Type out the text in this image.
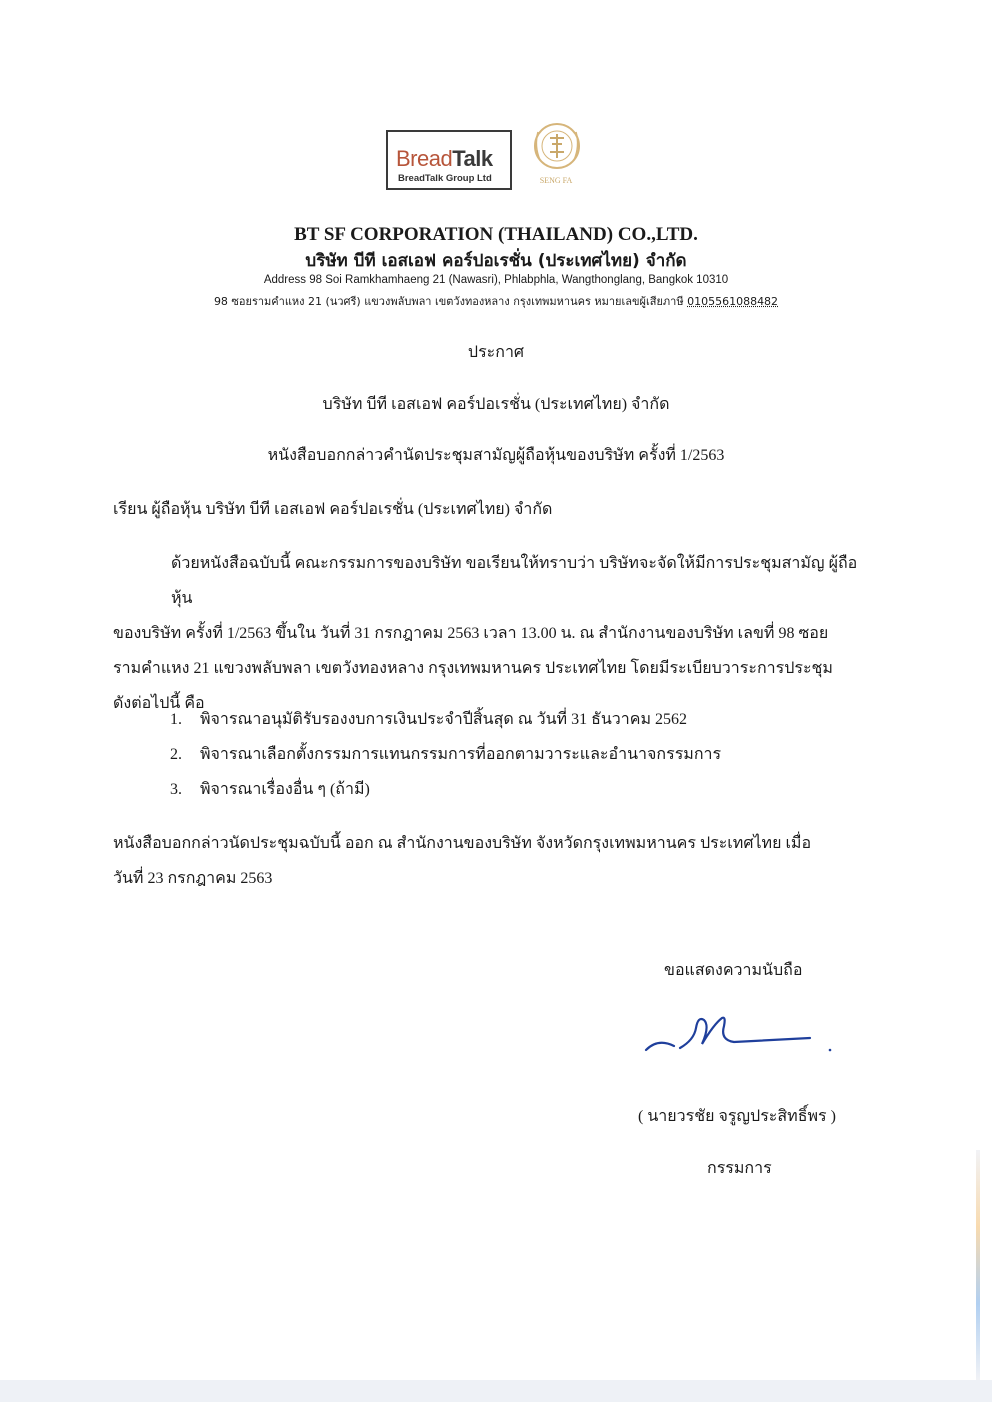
BreadTalk
BreadTalk Group Ltd	SENG FA
BT SF CORPORATION (THAILAND) CO.,LTD.
บริษัท บีที เอสเอฟ คอร์ปอเรชั่น (ประเทศไทย) จำกัด
Address 98 Soi Ramkhamhaeng 21 (Nawasri), Phlabphla, Wangthonglang, Bangkok 10310
98 ซอยรามคำแหง 21 (นวศรี) แขวงพลับพลา เขตวังทองหลาง กรุงเทพมหานคร หมายเลขผู้เสียภาษี 0105561088482
ประกาศ
บริษัท บีที เอสเอฟ คอร์ปอเรชั่น (ประเทศไทย) จำกัด
หนังสือบอกกล่าวคำนัดประชุมสามัญผู้ถือหุ้นของบริษัท ครั้งที่ 1/2563
เรียน ผู้ถือหุ้น บริษัท บีที เอสเอฟ คอร์ปอเรชั่น (ประเทศไทย) จำกัด
ด้วยหนังสือฉบับนี้ คณะกรรมการของบริษัท ขอเรียนให้ทราบว่า บริษัทจะจัดให้มีการประชุมสามัญ ผู้ถือหุ้น
ของบริษัท ครั้งที่ 1/2563 ขึ้นใน วันที่ 31 กรกฎาคม 2563 เวลา 13.00 น. ณ สำนักงานของบริษัท เลขที่ 98 ซอย
รามคำแหง 21 แขวงพลับพลา เขตวังทองหลาง กรุงเทพมหานคร ประเทศไทย โดยมีระเบียบวาระการประชุม
ดังต่อไปนี้ คือ
1. พิจารณาอนุมัติรับรองงบการเงินประจำปีสิ้นสุด ณ วันที่ 31 ธันวาคม 2562
2. พิจารณาเลือกตั้งกรรมการแทนกรรมการที่ออกตามวาระและอำนาจกรรมการ
3. พิจารณาเรื่องอื่น ๆ (ถ้ามี)
หนังสือบอกกล่าวนัดประชุมฉบับนี้ ออก ณ สำนักงานของบริษัท จังหวัดกรุงเทพมหานคร ประเทศไทย เมื่อ
วันที่ 23 กรกฎาคม 2563
ขอแสดงความนับถือ
( นายวรชัย จรูญประสิทธิ์พร )
กรรมการ
